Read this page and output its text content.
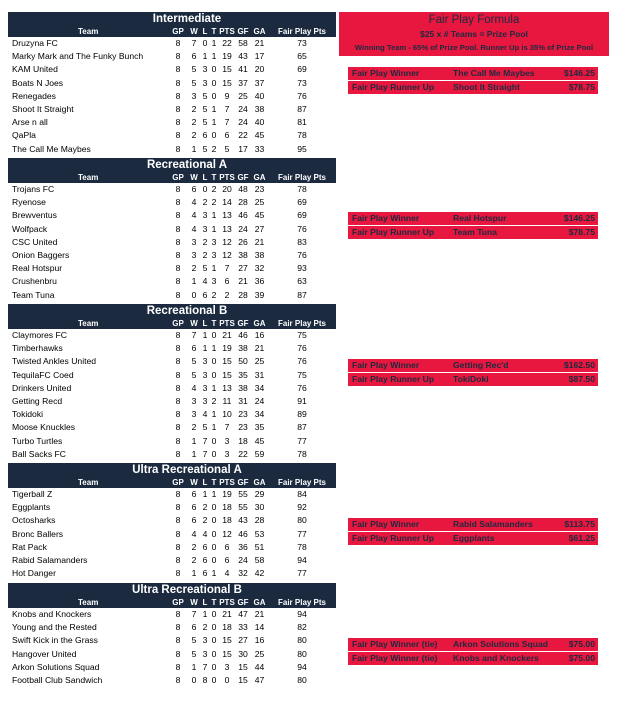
Intermediate
Team	GP W L T PTS GF GA	Fair Play Pts
Druzyna FC	8	7 0 1 22 58 21	73
Marky Mark and The Funky Bunch	8	6 1 1 19 43 17	65
KAM United	8	5 3 0 15 41 20	69
Boats N Joes	8	5 3 0 15 37 37	73
Renegades	8	3 5 0 9	25 40	76
Shoot It Straight	8	2 5 1 7	24 38	87
Arse n all	8	2 5 1 7	24 40	81
QaPla	8	2 6 0 6	22 45	78
The Call Me Maybes	8	1 5 2 5	17 33	95
Recreational A
Team	GP W L T PTS GF GA	Fair Play Pts
Trojans FC	8	6 0 2 20 48 23	78
Ryenose	8	4 2 2 14 28 25	69
Brewventus	8	4 3 1 13 46 45	69
Wolfpack	8	4 3 1 13 24 27	76
CSC United	8	3 2 3 12 26 21	83
Onion Baggers	8	3 2 3 12 38 38	76
Real Hotspur	8	2 5 1 7	27 32	93
Crushenbru	8	1 4 3 6	21 36	63
Team Tuna	8	0 6 2 2	28 39	87
Recreational B
Team	GP W L T PTS GF GA	Fair Play Pts
Claymores FC	8	7 1 0 21 46 16	75
Timberhawks	8	6 1 1 19 38 21	76
Twisted Ankles United	8	5 3 0 15 50 25	76
TequilaFC Coed	8	5 3 0 15 35 31	75
Drinkers United	8	4 3 1 13 38 34	76
Getting Recd	8	3 3 2 11 31 24	91
Tokidoki	8	3 4 1 10 23 34	89
Moose Knuckles	8	2 5 1 7	23 35	87
Turbo Turtles	8	1 7 0 3	18 45	77
Ball Sacks FC	8	1 7 0 3	22 59	78
Ultra Recreational A
Team	GP W L T PTS GF GA	Fair Play Pts
Tigerball Z	8	6 1 1 19 55 29	84
Eggplants	8	6 2 0 18 55 30	92
Octosharks	8	6 2 0 18 43 28	80
Bronc Ballers	8	4 4 0 12 46 53	77
Rat Pack	8	2 6 0 6	36 51	78
Rabid Salamanders	8	2 6 0 6	24 58	94
Hot Danger	8	1 6 1 4	32 42	77
Ultra Recreational B
Team	GP W L T PTS GF GA	Fair Play Pts
Knobs and Knockers	8	7 1 0 21 47 21	94
Young and the Rested	8	6 2 0 18 33 14	82
Swift Kick in the Grass	8	5 3 0 15 27 16	80
Hangover United	8	5 3 0 15 30 25	80
Arkon Solutions Squad	8	1 7 0 3	15 44	94
Football Club Sandwich	8	0 8 0 0	15 47	80
Fair Play Formula
$25 x # Teams = Prize Pool
Winning Team - 65% of Prize Pool. Runner Up is 35% of Prize Pool
Fair Play Winner	The Call Me Maybes	$146.25
Fair Play Runner Up Shoot It Straight	$78.75
Fair Play Winner	Real Hotspur	$146.25
Fair Play Runner Up Team Tuna	$78.75
Fair Play Winner	Getting Rec'd	$162.50
Fair Play Runner Up TokiDoki	$87.50
Fair Play Winner	Rabid Salamanders	$113.75
Fair Play Runner Up Eggplants	$61.25
Fair Play Winner (tie) Arkon Solutions Squad $75.00
Fair Play Winner (tie) Knobs and Knockers	$75.00
